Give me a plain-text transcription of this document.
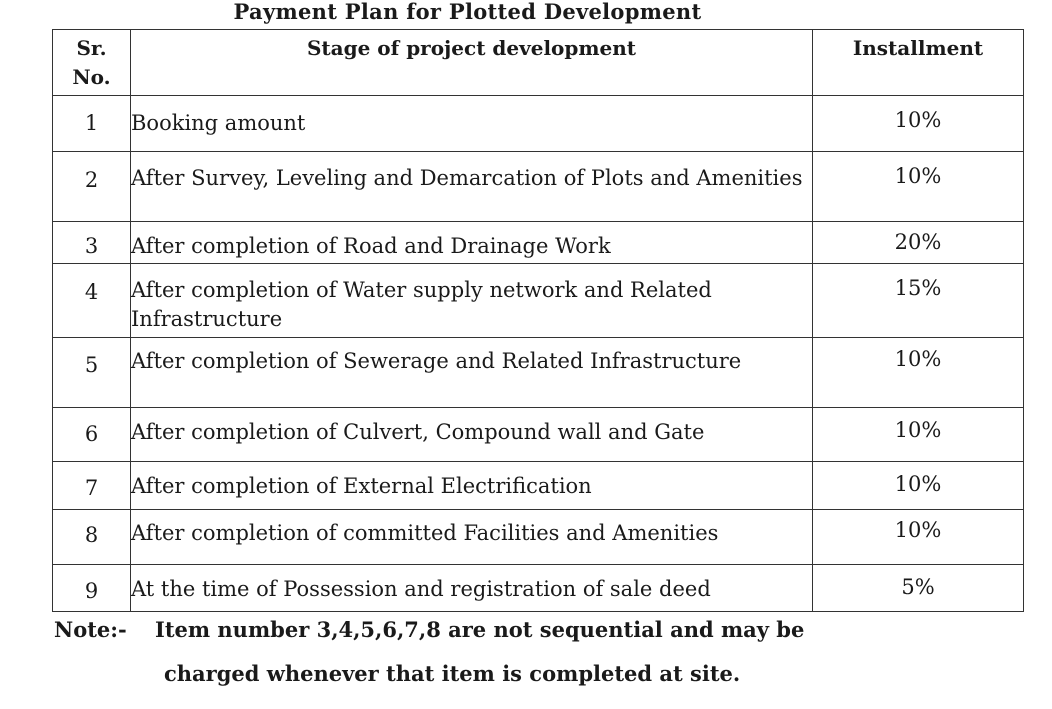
Payment Plan for Plotted Development
Sr.
No.	Stage of project development	Installment
1	Booking amount	10%
2	After Survey, Leveling and Demarcation of Plots and Amenities	10%
3	After completion of Road and Drainage Work	20%
4	After completion of Water supply network and Related Infrastructure	15%
5	After completion of Sewerage and Related Infrastructure	10%
6	After completion of Culvert, Compound wall and Gate	10%
7	After completion of External Electrification	10%
8	After completion of committed Facilities and Amenities	10%
9	At the time of Possession and registration of sale deed	5%
Note:-	Item number 3,4,5,6,7,8 are not sequential and may be
charged whenever that item is completed at site.
